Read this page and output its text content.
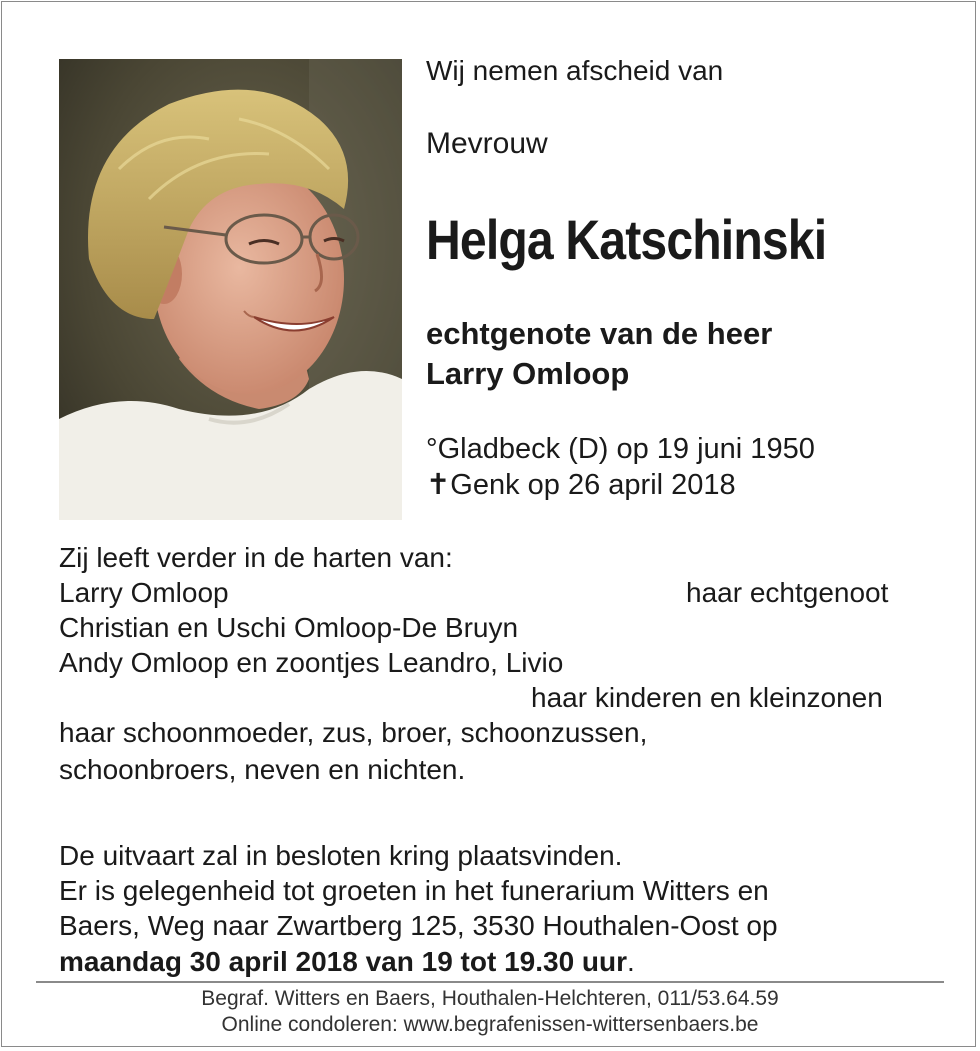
Wij nemen afscheid van
Mevrouw
Helga Katschinski
echtgenote van de heer
Larry Omloop
°Gladbeck (D) op 19 juni 1950
✝Genk op 26 april 2018
Zij leeft verder in de harten van:
Larry Omloop	haar echtgenoot
Christian en Uschi Omloop-De Bruyn
Andy Omloop en zoontjes Leandro, Livio
haar kinderen en kleinzonen
haar schoonmoeder, zus, broer, schoonzussen,
schoonbroers, neven en nichten.
De uitvaart zal in besloten kring plaatsvinden.
Er is gelegenheid tot groeten in het funerarium Witters en
Baers, Weg naar Zwartberg 125, 3530 Houthalen-Oost op
maandag 30 april 2018 van 19 tot 19.30 uur.
Begraf. Witters en Baers, Houthalen-Helchteren, 011/53.64.59
Online condoleren: www.begrafenissen-wittersenbaers.be
